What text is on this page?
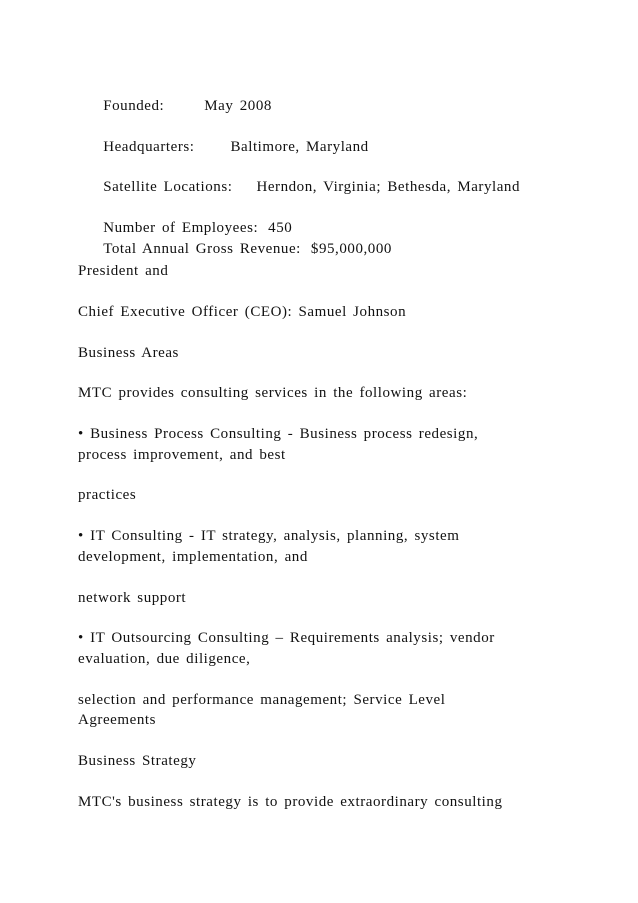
Founded:	May 2008

Headquarters: Baltimore, Maryland

Satellite Locations: Herndon, Virginia; Bethesda, Maryland

Number of Employees: 450

Total Annual Gross Revenue: $95,000,000

President and
Chief Executive Officer (CEO): Samuel Johnson
Business Areas
MTC provides consulting services in the following areas:
• Business Process Consulting - Business process redesign,
process improvement, and best
practices
• IT Consulting - IT strategy, analysis, planning, system
development, implementation, and
network support
• IT Outsourcing Consulting – Requirements analysis; vendor
evaluation, due diligence,
selection and performance management; Service Level
Agreements
Business Strategy
MTC's business strategy is to provide extraordinary consulting
